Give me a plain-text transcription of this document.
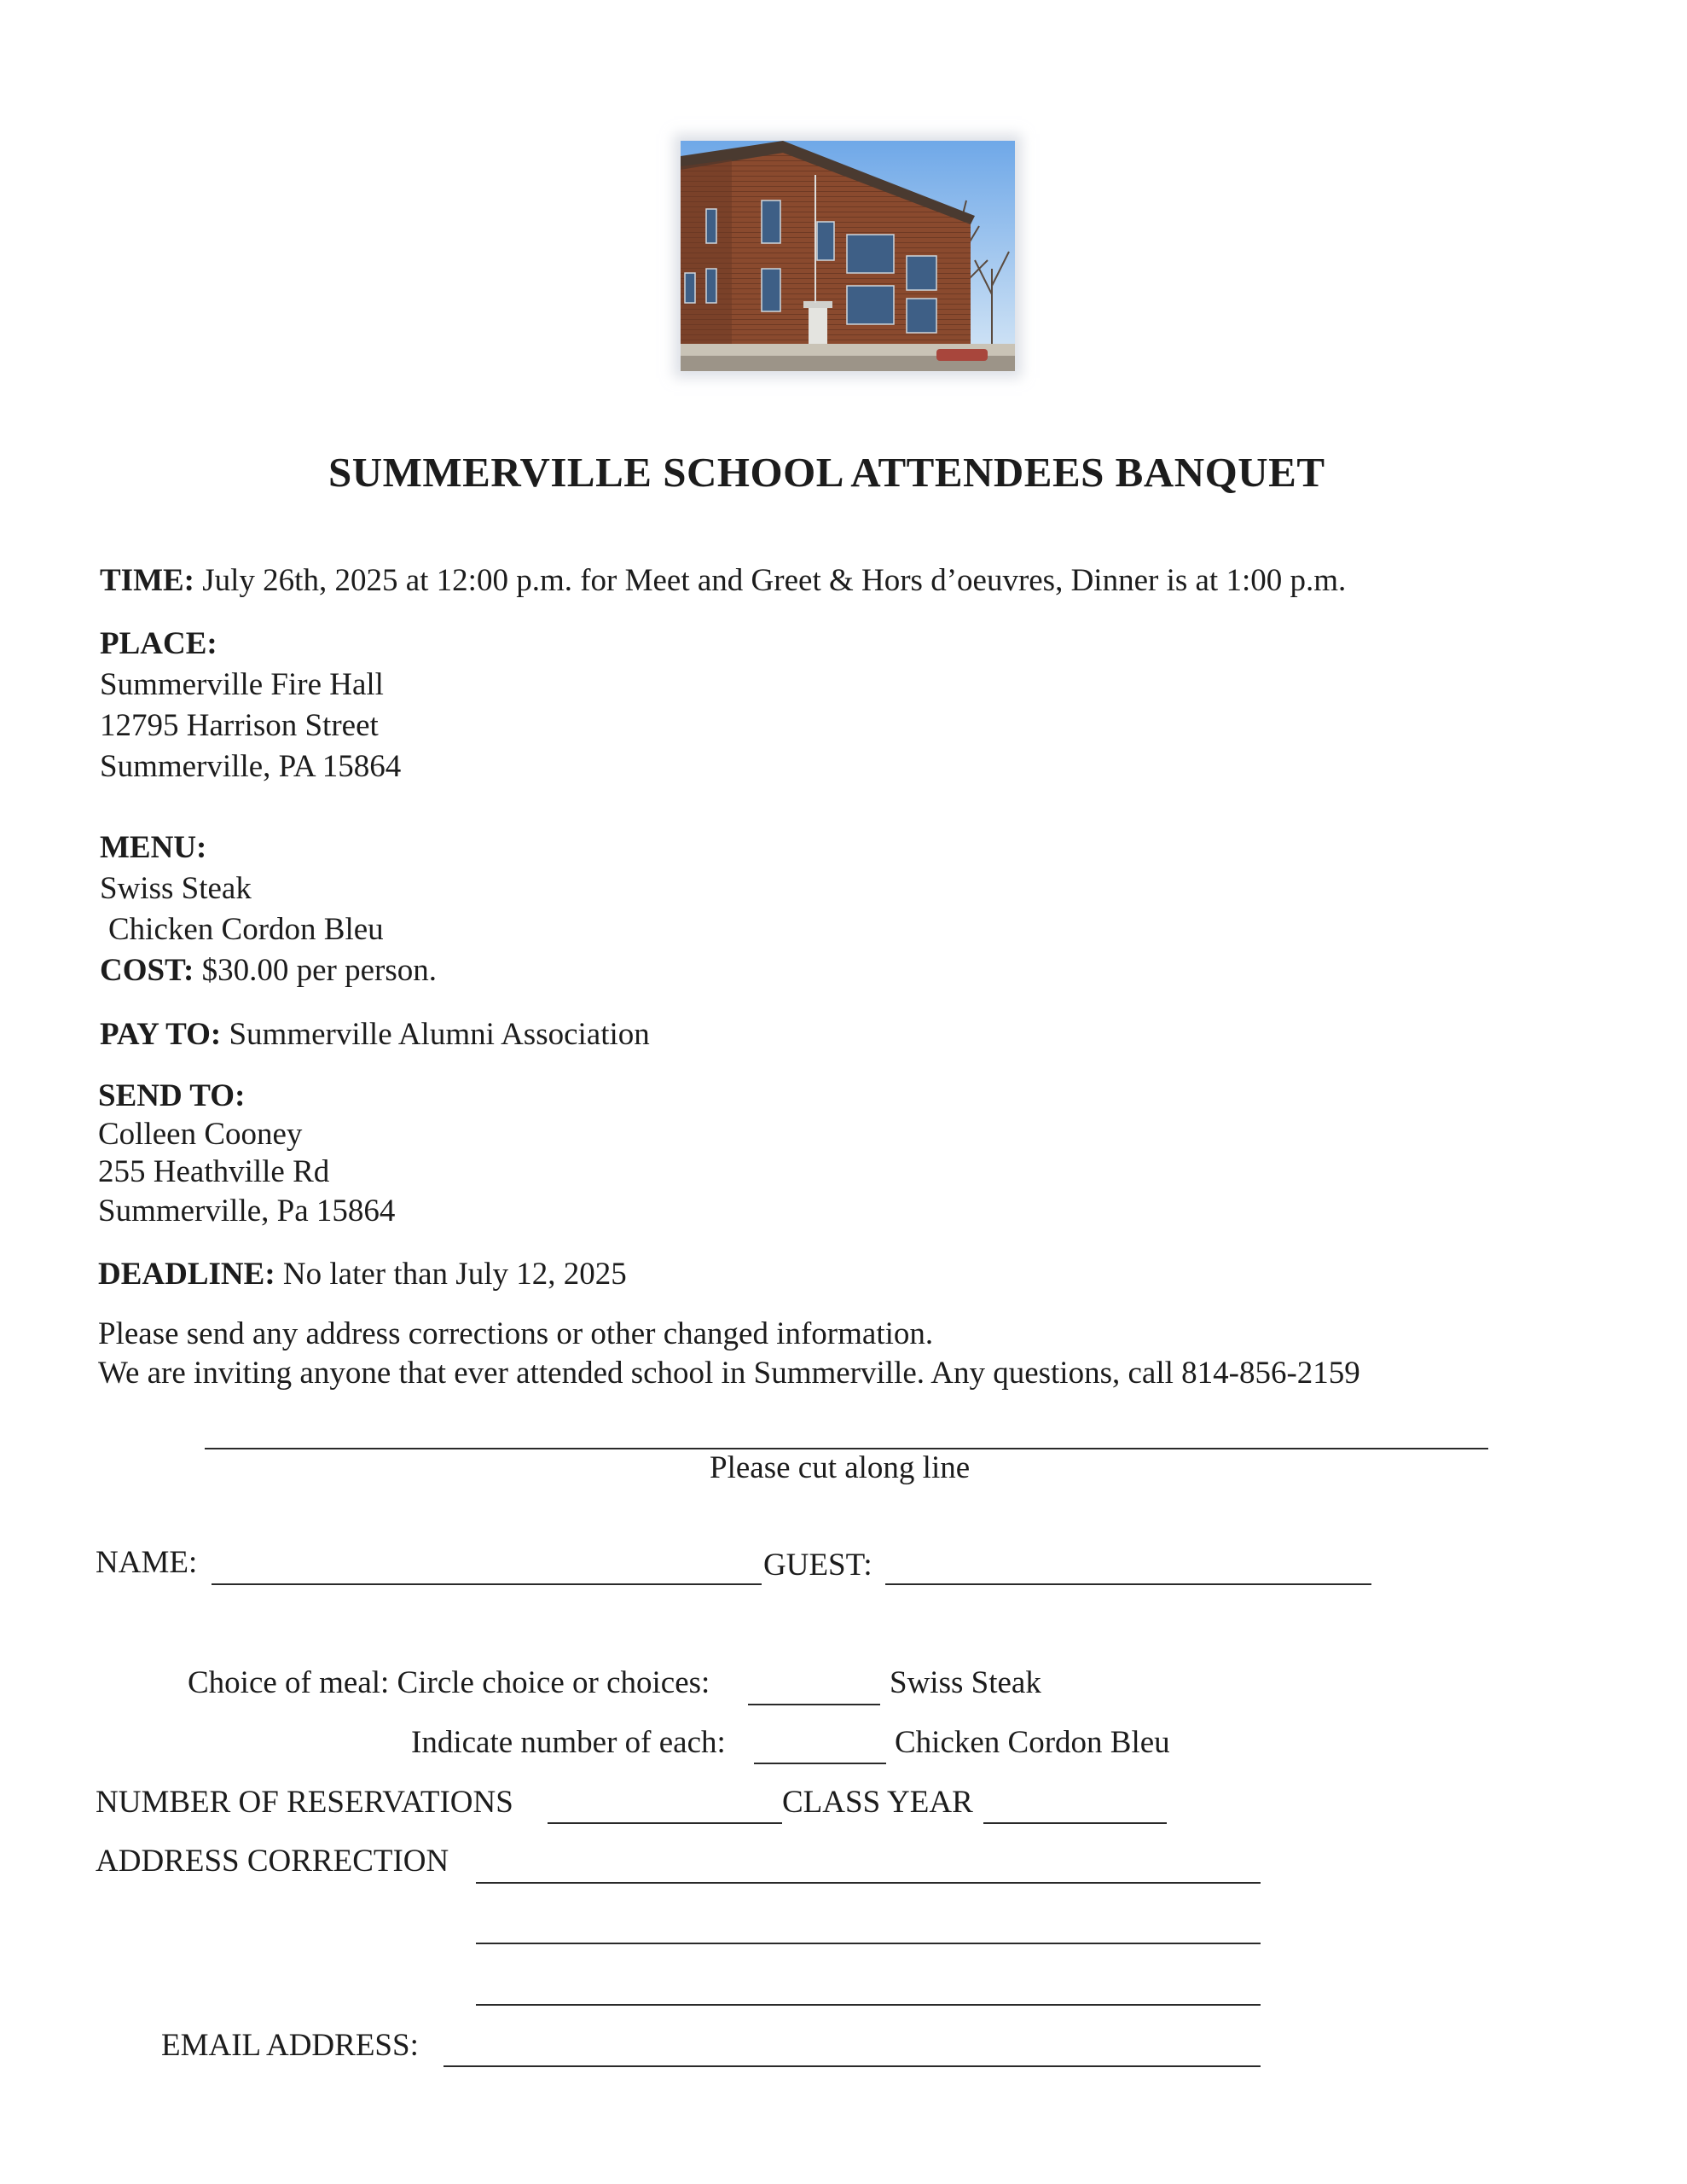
SUMMERVILLE SCHOOL ATTENDEES BANQUET
TIME: July 26th, 2025 at 12:00 p.m. for Meet and Greet & Hors d’oeuvres, Dinner is at 1:00 p.m.
PLACE:
Summerville Fire Hall
12795 Harrison Street
Summerville, PA 15864
MENU:
Swiss Steak
Chicken Cordon Bleu
COST: $30.00 per person.
PAY TO: Summerville Alumni Association
SEND TO:
Colleen Cooney
255 Heathville Rd
Summerville, Pa 15864
DEADLINE: No later than July 12, 2025
Please send any address corrections or other changed information.
We are inviting anyone that ever attended school in Summerville. Any questions, call 814-856-2159
Please cut along line
NAME:	GUEST:
Choice of meal: Circle choice or choices:	Swiss Steak
Indicate number of each:	Chicken Cordon Bleu
NUMBER OF RESERVATIONS	CLASS YEAR
ADDRESS CORRECTION
EMAIL ADDRESS:
